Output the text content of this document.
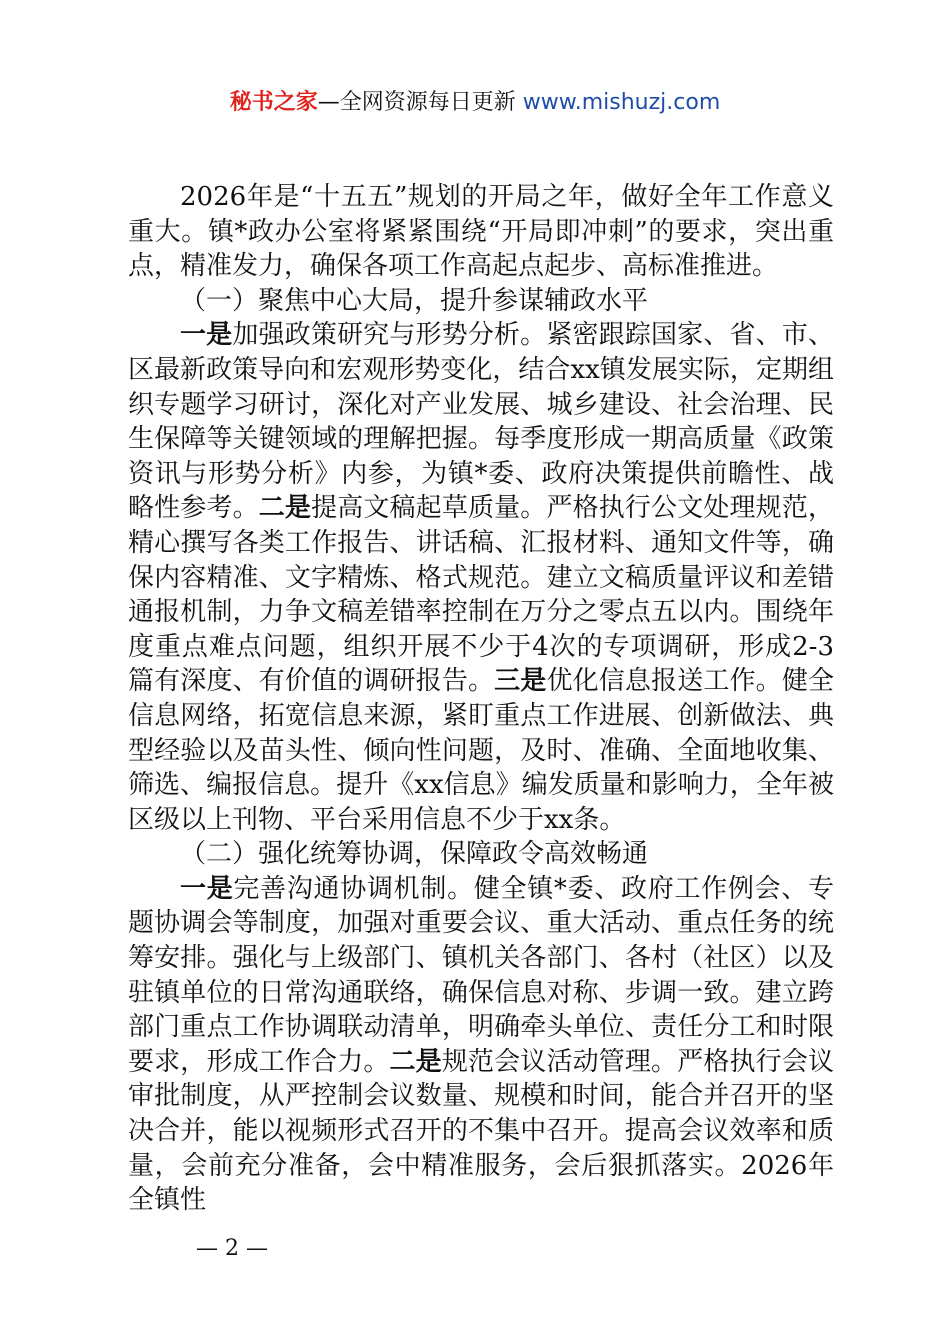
秘书之家—全网资源每日更新 www.mishuzj.com

2026年是“十五五”规划的开局之年，做好全年工作意义重大。镇*政办公室将紧紧围绕“开局即冲刺”的要求，突出重点，精准发力，确保各项工作高起点起步、高标准推进。

（一）聚焦中心大局，提升参谋辅政水平

一是加强政策研究与形势分析。紧密跟踪国家、省、市、区最新政策导向和宏观形势变化，结合xx镇发展实际，定期组织专题学习研讨，深化对产业发展、城乡建设、社会治理、民生保障等关键领域的理解把握。每季度形成一期高质量《政策资讯与形势分析》内参，为镇*委、政府决策提供前瞻性、战略性参考。二是提高文稿起草质量。严格执行公文处理规范，精心撰写各类工作报告、讲话稿、汇报材料、通知文件等，确保内容精准、文字精炼、格式规范。建立文稿质量评议和差错通报机制，力争文稿差错率控制在万分之零点五以内。围绕年度重点难点问题，组织开展不少于4次的专项调研，形成2-3篇有深度、有价值的调研报告。三是优化信息报送工作。健全信息网络，拓宽信息来源，紧盯重点工作进展、创新做法、典型经验以及苗头性、倾向性问题，及时、准确、全面地收集、筛选、编报信息。提升《xx信息》编发质量和影响力，全年被区级以上刊物、平台采用信息不少于xx条。

（二）强化统筹协调，保障政令高效畅通

一是完善沟通协调机制。健全镇*委、政府工作例会、专题协调会等制度，加强对重要会议、重大活动、重点任务的统筹安排。强化与上级部门、镇机关各部门、各村（社区）以及驻镇单位的日常沟通联络，确保信息对称、步调一致。建立跨部门重点工作协调联动清单，明确牵头单位、责任分工和时限要求，形成工作合力。二是规范会议活动管理。严格执行会议审批制度，从严控制会议数量、规模和时间，能合并召开的坚决合并，能以视频形式召开的不集中召开。提高会议效率和质量，会前充分准备，会中精准服务，会后狠抓落实。2026年全镇性

— 2 —
